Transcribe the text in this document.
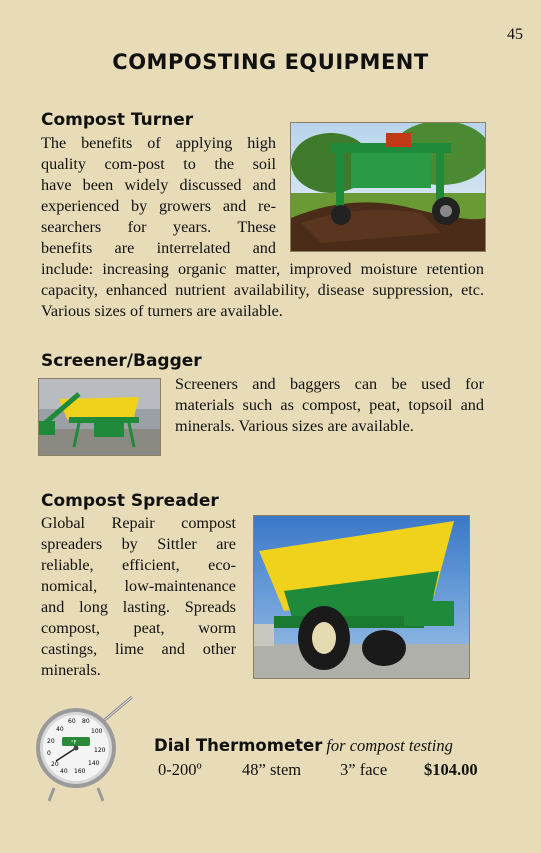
45
COMPOSTING EQUIPMENT
Compost Turner
The benefits of applying high
quality com-post to the soil
have been widely discussed and
experienced by growers and re-
searchers for years. These
benefits are interrelated and
include: increasing organic matter, improved moisture retention capacity, enhanced nutrient availability, disease suppression, etc. Various sizes of turners are available.
Screener/Bagger
Screeners and baggers can be used for materials such as compost, peat, topsoil and minerals. Various sizes are available.
Compost Spreader
Global Repair compost spreaders by Sittler are reliable, efficient, eco-nomical, low-maintenance and long lasting. Spreads compost, peat, worm castings, lime and other minerals.
60 80
40	100
20
120
0
140
20
40 160
°F	Dial Thermometer for compost testing
0-200º 48” stem 3” face $104.00
